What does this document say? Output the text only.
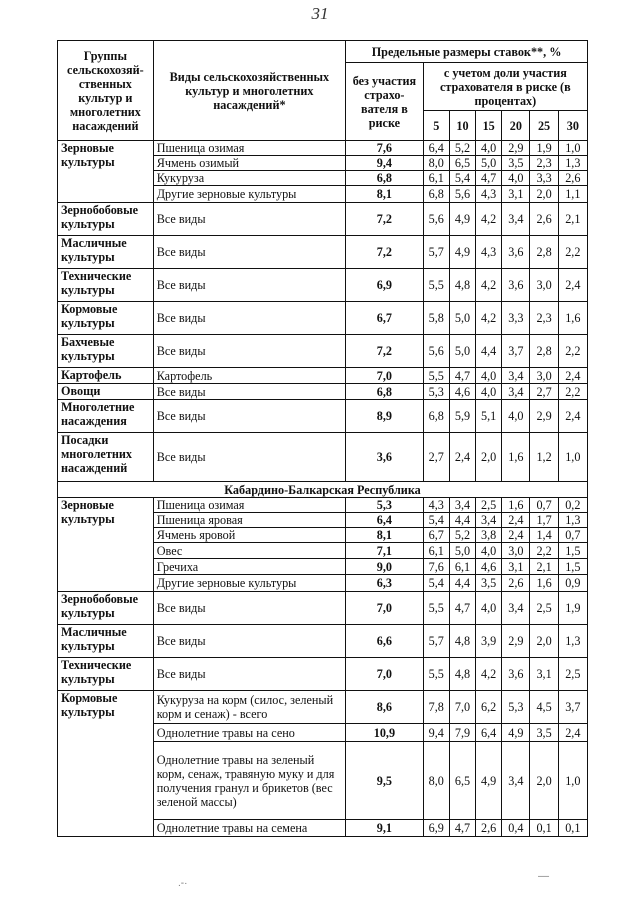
31
Группы сельскохозяй-ственных культур и многолетних насаждений	Виды сельскохозяйственных культур и многолетних насаждений*	Предельные размеры ставок**, %						
		без участия страхо-вателя в риске	с учетом доли участия страхователя в риске (в процентах)					
			5	10	15	20	25	30
Зерновые культуры	Пшеница озимая	7,6	6,4	5,2	4,0	2,9	1,9	1,0
	Ячмень озимый	9,4	8,0	6,5	5,0	3,5	2,3	1,3
	Кукуруза	6,8	6,1	5,4	4,7	4,0	3,3	2,6
	Другие зерновые культуры	8,1	6,8	5,6	4,3	3,1	2,0	1,1
Зернобобовые культуры	Все виды	7,2	5,6	4,9	4,2	3,4	2,6	2,1
Масличные культуры	Все виды	7,2	5,7	4,9	4,3	3,6	2,8	2,2
Технические культуры	Все виды	6,9	5,5	4,8	4,2	3,6	3,0	2,4
Кормовые культуры	Все виды	6,7	5,8	5,0	4,2	3,3	2,3	1,6
Бахчевые культуры	Все виды	7,2	5,6	5,0	4,4	3,7	2,8	2,2
Картофель	Картофель	7,0	5,5	4,7	4,0	3,4	3,0	2,4
Овощи	Все виды	6,8	5,3	4,6	4,0	3,4	2,7	2,2
Многолетние насаждения	Все виды	8,9	6,8	5,9	5,1	4,0	2,9	2,4
Посадки многолетних насаждений	Все виды	3,6	2,7	2,4	2,0	1,6	1,2	1,0
Кабардино-Балкарская Республика								
Зерновые культуры	Пшеница озимая	5,3	4,3	3,4	2,5	1,6	0,7	0,2
	Пшеница яровая	6,4	5,4	4,4	3,4	2,4	1,7	1,3
	Ячмень яровой	8,1	6,7	5,2	3,8	2,4	1,4	0,7
	Овес	7,1	6,1	5,0	4,0	3,0	2,2	1,5
	Гречиха	9,0	7,6	6,1	4,6	3,1	2,1	1,5
	Другие зерновые культуры	6,3	5,4	4,4	3,5	2,6	1,6	0,9
Зернобобовые культуры	Все виды	7,0	5,5	4,7	4,0	3,4	2,5	1,9
Масличные культуры	Все виды	6,6	5,7	4,8	3,9	2,9	2,0	1,3
Технические культуры	Все виды	7,0	5,5	4,8	4,2	3,6	3,1	2,5
Кормовые культуры	Кукуруза на корм (силос, зеленый корм и сенаж) - всего	8,6	7,8	7,0	6,2	5,3	4,5	3,7
	Однолетние травы на сено	10,9	9,4	7,9	6,4	4,9	3,5	2,4
	Однолетние травы на зеленый корм, сенаж, травяную муку и для получения гранул и брикетов (вес зеленой массы)	9,5	8,0	6,5	4,9	3,4	2,0	1,0
	Однолетние травы на семена	9,1	6,9	4,7	2,6	0,4	0,1	0,1
.-·
––
